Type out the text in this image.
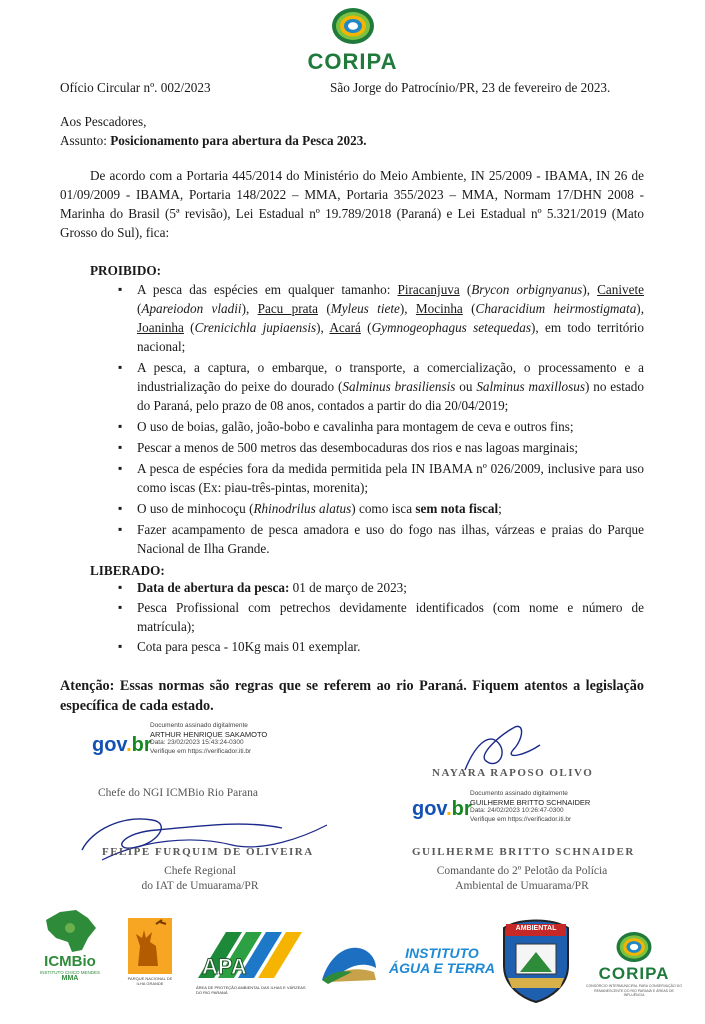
CORIPA
Ofício Circular nº. 002/2023	São Jorge do Patrocínio/PR, 23 de fevereiro de 2023.
Aos Pescadores,
Assunto: Posicionamento para abertura da Pesca 2023.
De acordo com a Portaria 445/2014 do Ministério do Meio Ambiente, IN 25/2009 - IBAMA, IN 26 de 01/09/2009 - IBAMA, Portaria 148/2022 – MMA, Portaria 355/2023 – MMA, Normam 17/DHN 2008 - Marinha do Brasil (5ª revisão), Lei Estadual nº 19.789/2018 (Paraná) e Lei Estadual nº 5.321/2019 (Mato Grosso do Sul), fica:
PROIBIDO:
▪ A pesca das espécies em qualquer tamanho: Piracanjuva (Brycon orbignyanus), Canivete (Apareiodon vladii), Pacu prata (Myleus tiete), Mocinha (Characidium heirmostigmata), Joaninha (Crenicichla jupiaensis), Acará (Gymnogeophagus setequedas), em todo território nacional;
▪ A pesca, a captura, o embarque, o transporte, a comercialização, o processamento e a industrialização do peixe do dourado (Salminus brasiliensis ou Salminus maxillosus) no estado do Paraná, pelo prazo de 08 anos, contados a partir do dia 20/04/2019;
▪ O uso de boias, galão, joão-bobo e cavalinha para montagem de ceva e outros fins;
▪ Pescar a menos de 500 metros das desembocaduras dos rios e nas lagoas marginais;
▪ A pesca de espécies fora da medida permitida pela IN IBAMA nº 026/2009, inclusive para uso como iscas (Ex: piau-três-pintas, morenita);
▪ O uso de minhocoçu (Rhinodrilus alatus) como isca sem nota fiscal;
▪ Fazer acampamento de pesca amadora e uso do fogo nas ilhas, várzeas e praias do Parque Nacional de Ilha Grande.
LIBERADO:
▪ Data de abertura da pesca: 01 de março de 2023;
▪ Pesca Profissional com petrechos devidamente identificados (com nome e número de matrícula);
▪ Cota para pesca - 10Kg mais 01 exemplar.
Atenção: Essas normas são regras que se referem ao rio Paraná. Fiquem atentos a legislação específica de cada estado.
gov.br
Documento assinado digitalmente
ARTHUR HENRIQUE SAKAMOTO
Data: 23/02/2023 15:43:24-0300
Verifique em https://verificador.iti.br
Chefe do NGI ICMBio Rio Parana
FELIPE FURQUIM DE OLIVEIRA
Chefe Regional
do IAT de Umuarama/PR
NAYARA RAPOSO OLIVO
gov.br
Documento assinado digitalmente
GUILHERME BRITTO SCHNAIDER
Data: 24/02/2023 10:26:47-0300
Verifique em https://verificador.iti.br
GUILHERME BRITTO SCHNAIDER
Comandante do 2º Pelotão da Polícia
Ambiental de Umuarama/PR
ICMBio
INSTITUTO CHICO MENDES
MMA	PARQUE NACIONAL DE ILHA GRANDE
APA
ÁREA DE PROTEÇÃO AMBIENTAL DAS ILHAS E VÁRZEAS DO RIO PARANÁ
INSTITUTO
ÁGUA E TERRA
AMBIENTAL
CORIPA
CONSÓRCIO INTERMUNICIPAL PARA CONSERVAÇÃO DO REMANESCENTE DO RIO PARANÁ E ÁREAS DE INFLUÊNCIA
